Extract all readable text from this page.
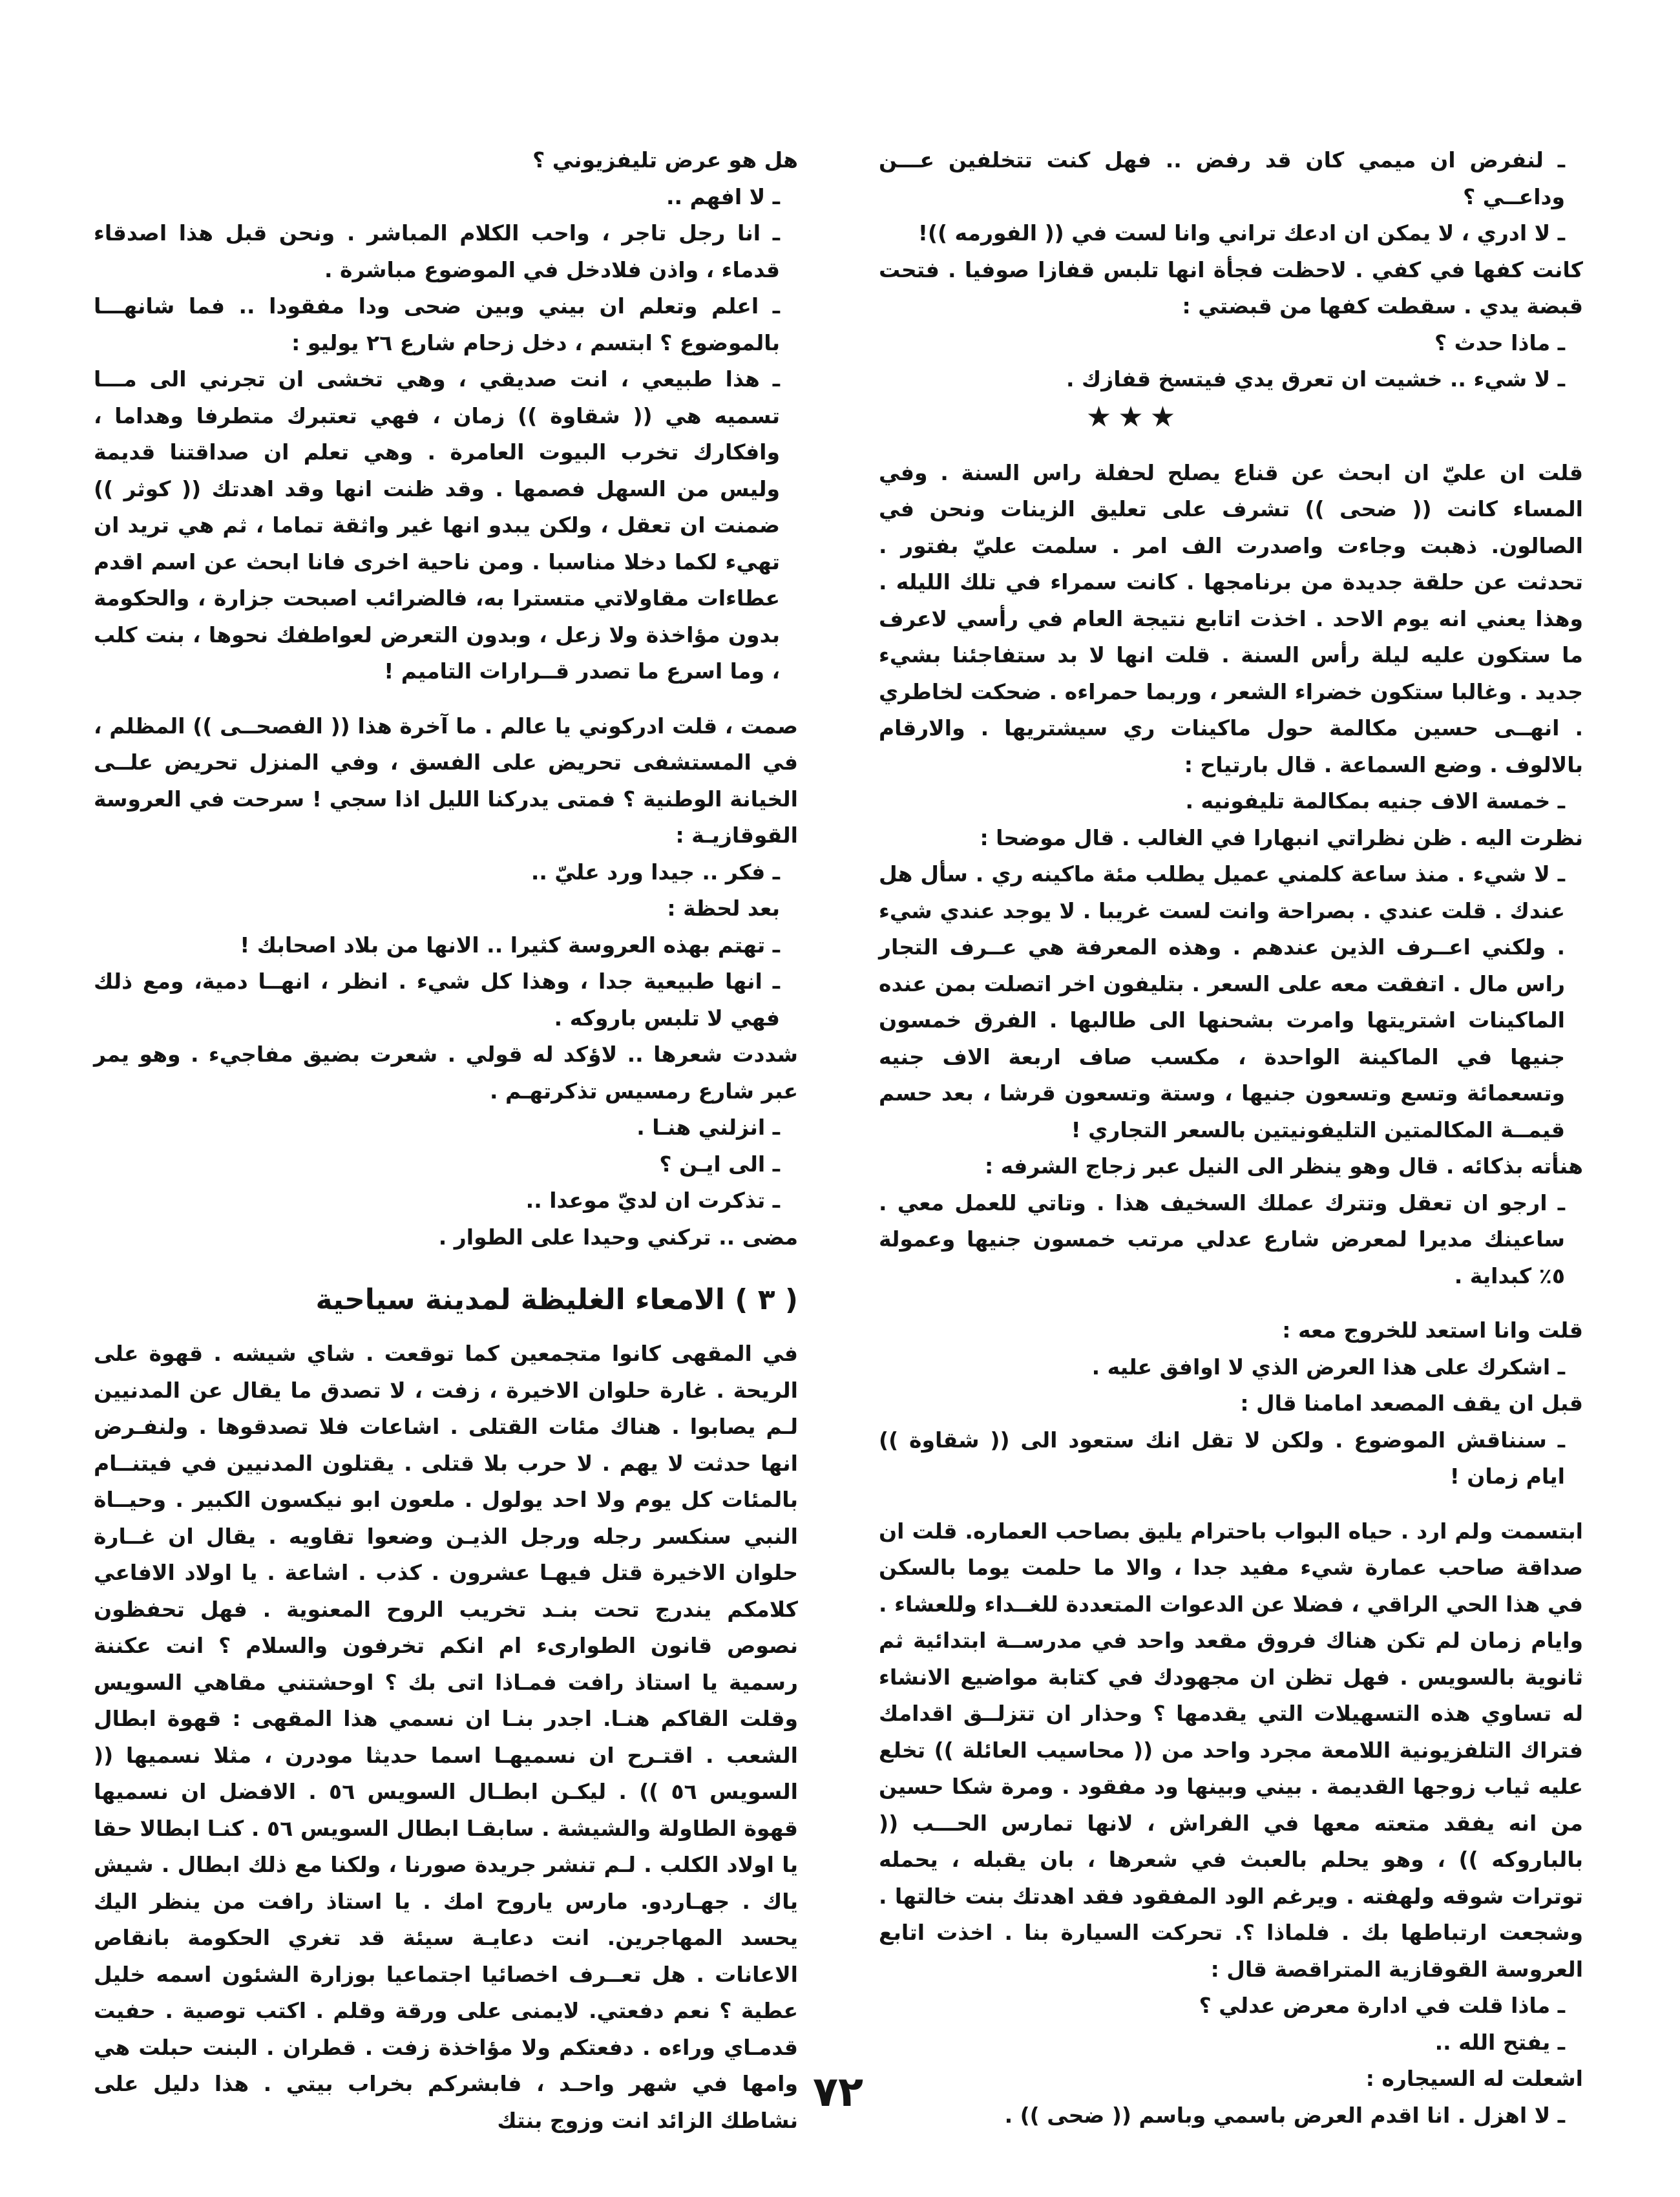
ـ لنفرض ان ميمي كان قد رفض .. فهل كنت تتخلفين عـــن وداعــي ؟

ـ لا ادري ، لا يمكن ان ادعك تراني وانا لست في (( الفورمه ))!

كانت كفها في كفي . لاحظت فجأة انها تلبس قفازا صوفيا . فتحت قبضة يدي . سقطت كفها من قبضتي :

ـ ماذا حدث ؟

ـ لا شيء .. خشيت ان تعرق يدي فيتسخ قفازك .

★★★

قلت ان عليّ ان ابحث عن قناع يصلح لحفلة راس السنة . وفي المساء كانت (( ضحى )) تشرف على تعليق الزينات ونحن في الصالون. ذهبت وجاءت واصدرت الف امر . سلمت عليّ بفتور . تحدثت عن حلقة جديدة من برنامجها . كانت سمراء في تلك الليله . وهذا يعني انه يوم الاحد . اخذت اتابع نتيجة العام في رأسي لاعرف ما ستكون عليه ليلة رأس السنة . قلت انها لا بد ستفاجئنا بشيء جديد . وغالبا ستكون خضراء الشعر ، وربما حمراءه . ضحكت لخاطري . انهــى حسين مكالمة حول ماكينات ري سيشتريها . والارقام بالالوف . وضع السماعة . قال بارتياح :

ـ خمسة الاف جنيه بمكالمة تليفونيه .

نظرت اليه . ظن نظراتي انبهارا في الغالب . قال موضحا :

ـ لا شيء . منذ ساعة كلمني عميل يطلب مئة ماكينه ري . سأل هل عندك . قلت عندي . بصراحة وانت لست غريبا . لا يوجد عندي شيء . ولكني اعــرف الذين عندهم . وهذه المعرفة هي عــرف التجار راس مال . اتفقت معه على السعر . بتليفون اخر اتصلت بمن عنده الماكينات اشتريتها وامرت بشحنها الى طالبها . الفرق خمسون جنيها في الماكينة الواحدة ، مكسب صاف اربعة الاف جنيه وتسعمائة وتسع وتسعون جنيها ، وستة وتسعون قرشا ، بعد حسم قيمــة المكالمتين التليفونيتين بالسعر التجاري !

هنأته بذكائه . قال وهو ينظر الى النيل عبر زجاج الشرفه :

ـ ارجو ان تعقل وتترك عملك السخيف هذا . وتاتي للعمل معي . ساعينك مديرا لمعرض شارع عدلي مرتب خمسون جنيها وعمولة ٥٪ كبداية .

قلت وانا استعد للخروج معه :

ـ اشكرك على هذا العرض الذي لا اوافق عليه .

قبل ان يقف المصعد امامنا قال :

ـ سنناقش الموضوع . ولكن لا تقل انك ستعود الى (( شقاوة )) ايام زمان !

ابتسمت ولم ارد . حياه البواب باحترام يليق بصاحب العماره. قلت ان صداقة صاحب عمارة شيء مفيد جدا ، والا ما حلمت يوما بالسكن في هذا الحي الراقي ، فضلا عن الدعوات المتعددة للغــداء وللعشاء . وايام زمان لم تكن هناك فروق مقعد واحد في مدرســة ابتدائية ثم ثانوية بالسويس . فهل تظن ان مجهودك في كتابة مواضيع الانشاء له تساوي هذه التسهيلات التي يقدمها ؟ وحذار ان تتزلــق اقدامك فتراك التلفزيونية اللامعة مجرد واحد من (( محاسيب العائلة )) تخلع عليه ثياب زوجها القديمة . بيني وبينها ود مفقود . ومرة شكا حسين من انه يفقد متعته معها في الفراش ، لانها تمارس الحـــب (( بالباروكه )) ، وهو يحلم بالعبث في شعرها ، بان يقبله ، يحمله توترات شوقه ولهفته . ويرغم الود المفقود فقد اهدتك بنت خالتها . وشجعت ارتباطها بك . فلماذا ؟. تحركت السيارة بنا . اخذت اتابع العروسة القوقازية المتراقصة قال :

ـ ماذا قلت في ادارة معرض عدلي ؟

ـ يفتح الله ..

اشعلت له السيجاره :

ـ لا اهزل . انا اقدم العرض باسمي وباسم (( ضحى )) .

هل هو عرض تليفزيوني ؟

ـ لا افهم ..

ـ انا رجل تاجر ، واحب الكلام المباشر . ونحن قبل هذا اصدقاء قدماء ، واذن فلادخل في الموضوع مباشرة .

ـ اعلم وتعلم ان بيني وبين ضحى ودا مفقودا .. فما شانهـــا بالموضوع ؟ ابتسم ، دخل زحام شارع ٢٦ يوليو :

ـ هذا طبيعي ، انت صديقي ، وهي تخشى ان تجرني الى مـــا تسميه هي (( شقاوة )) زمان ، فهي تعتبرك متطرفا وهداما ، وافكارك تخرب البيوت العامرة . وهي تعلم ان صداقتنا قديمة وليس من السهل فصمها . وقد ظنت انها وقد اهدتك (( كوثر )) ضمنت ان تعقل ، ولكن يبدو انها غير واثقة تماما ، ثم هي تريد ان تهيء لكما دخلا مناسبا . ومن ناحية اخرى فانا ابحث عن اسم اقدم عطاءات مقاولاتي متسترا به، فالضرائب اصبحت جزارة ، والحكومة بدون مؤاخذة ولا زعل ، وبدون التعرض لعواطفك نحوها ، بنت كلب ، وما اسرع ما تصدر قــرارات التاميم !

صمت ، قلت ادركوني يا عالم . ما آخرة هذا (( الفصحــى )) المظلم ، في المستشفى تحريض على الفسق ، وفي المنزل تحريض علــى الخيانة الوطنية ؟ فمتى يدركنا الليل اذا سجي ! سرحت في العروسة القوقازيـة :

ـ فكر .. جيدا ورد عليّ ..

بعد لحظة :

ـ تهتم بهذه العروسة كثيرا .. الانها من بلاد اصحابك !

ـ انها طبيعية جدا ، وهذا كل شيء . انظر ، انهــا دمية، ومع ذلك فهي لا تلبس باروكه .

شددت شعرها .. لاؤكد له قولي . شعرت بضيق مفاجيء . وهو يمر عبر شارع رمسيس تذكرتهـم .

ـ انزلني هنـا .

ـ الى ايـن ؟

ـ تذكرت ان لديّ موعدا ..

مضى .. تركني وحيدا على الطوار .

( ٣ ) الامعاء الغليظة لمدينة سياحية

في المقهى كانوا متجمعين كما توقعت . شاي شيشه . قهوة على الريحة . غارة حلوان الاخيرة ، زفت ، لا تصدق ما يقال عن المدنيين لـم يصابوا . هناك مئات القتلى . اشاعات فلا تصدقوها . ولنفـرض انها حدثت لا يهم . لا حرب بلا قتلى . يقتلون المدنيين في فيتنــام بالمئات كل يوم ولا احد يولول . ملعون ابو نيكسون الكبير . وحيــاة النبي سنكسر رجله ورجل الذيـن وضعوا تقاويه . يقال ان غــارة حلوان الاخيرة قتل فيهـا عشرون . كذب . اشاعة . يا اولاد الافاعي كلامكم يندرج تحت بنـد تخريب الروح المعنوية . فهل تحفظون نصوص قانون الطوارىء ام انكم تخرفون والسلام ؟ انت عكننة رسمية يا استاذ رافت فمـاذا اتى بك ؟ اوحشتني مقاهي السويس وقلت القاكم هنـا. اجدر بنـا ان نسمي هذا المقهى : قهوة ابطال الشعب . اقتـرح ان نسميهـا اسما حديثا مودرن ، مثلا نسميها (( السويس ٥٦ )) . ليكـن ابطـال السويس ٥٦ . الافضل ان نسميها قهوة الطاولة والشيشة . سابقـا ابطال السويس ٥٦ . كنـا ابطالا حقا يا اولاد الكلب . لـم تنشر جريدة صورنا ، ولكنا مع ذلك ابطال . شيش ياك . جهـاردو. مارس ياروح امك . يا استاذ رافت من ينظر اليك يحسد المهاجرين. انت دعايـة سيئة قد تغري الحكومة بانقاص الاعانات . هل تعــرف اخصائيا اجتماعيا بوزارة الشئون اسمه خليل عطية ؟ نعم دفعتي. لايمنى على ورقة وقلم . اكتب توصية . حفيت قدمـاي وراءه . دفعتكم ولا مؤاخذة زفت . قطران . البنت حبلت هي وامها في شهر واحـد ، فابشركم بخراب بيتي . هذا دليل على نشاطك الزائد انت وزوج بنتك

٧٢
